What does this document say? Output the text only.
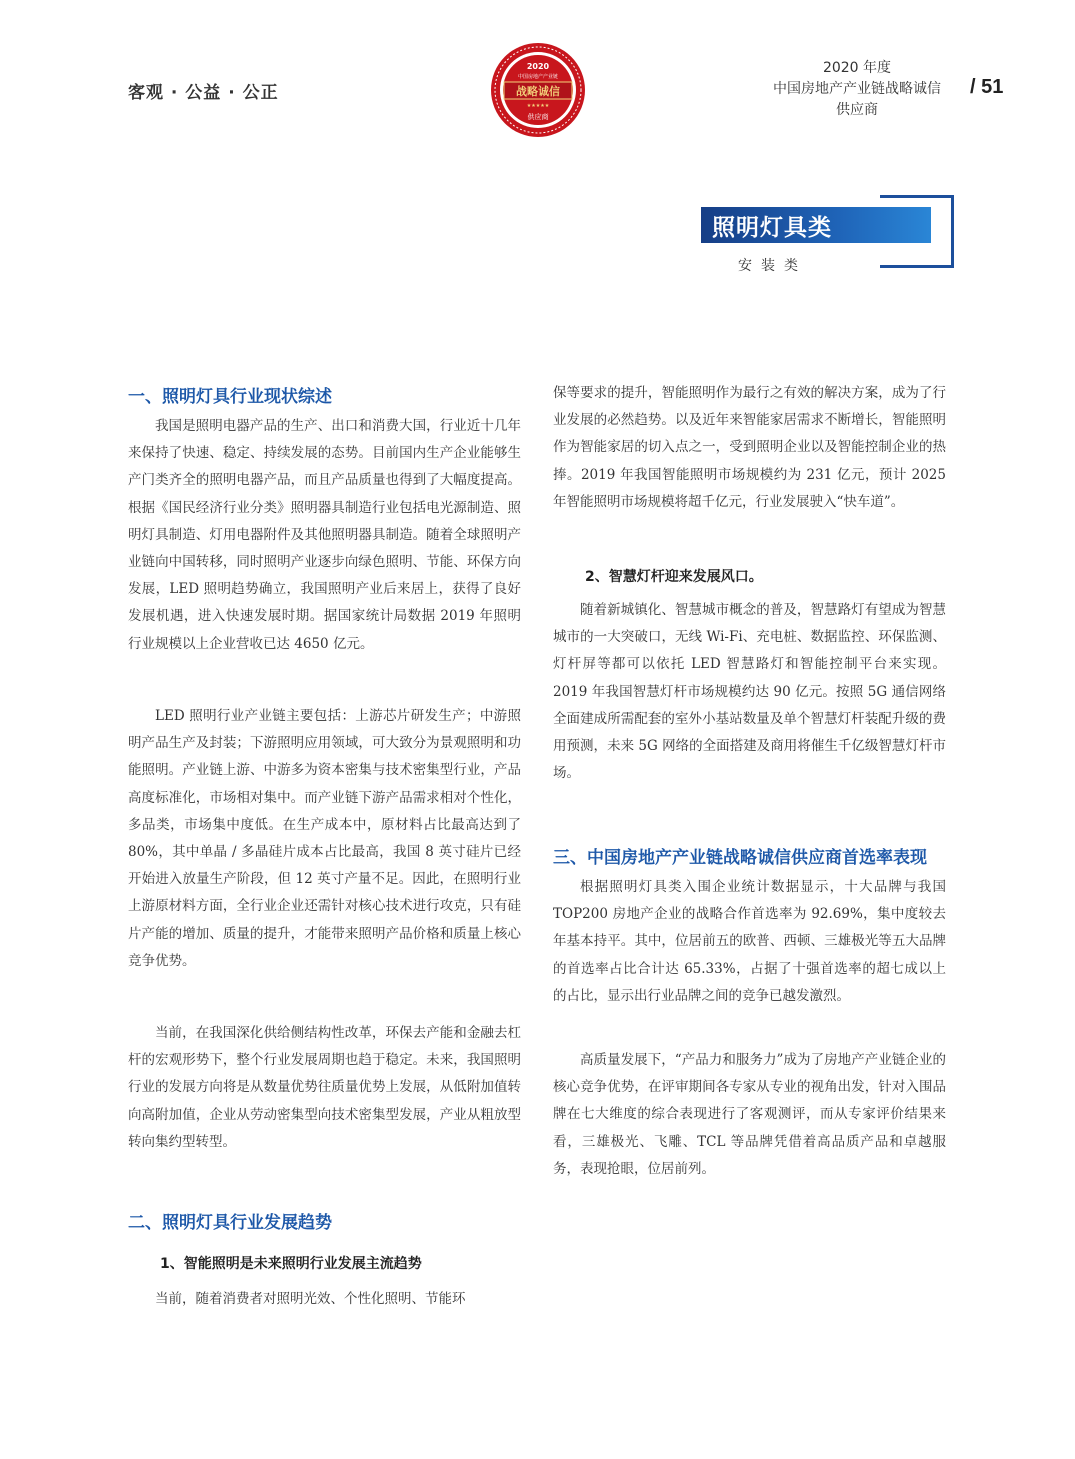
客观 · 公益 · 公正
2020
中国房地产产业链
战略诚信
★★★★★
供应商
2020 年度
中国房地产产业链战略诚信
供应商
/ 51
照明灯具类
安装类
一、照明灯具行业现状综述
我国是照明电器产品的生产、出口和消费大国，行业近十几年来保持了快速、稳定、持续发展的态势。目前国内生产企业能够生产门类齐全的照明电器产品，而且产品质量也得到了大幅度提高。根据《国民经济行业分类》照明器具制造行业包括电光源制造、照明灯具制造、灯用电器附件及其他照明器具制造。随着全球照明产业链向中国转移，同时照明产业逐步向绿色照明、节能、环保方向发展，LED 照明趋势确立，我国照明产业后来居上，获得了良好发展机遇，进入快速发展时期。据国家统计局数据 2019 年照明行业规模以上企业营收已达 4650 亿元。
LED 照明行业产业链主要包括：上游芯片研发生产；中游照明产品生产及封装；下游照明应用领域，可大致分为景观照明和功能照明。产业链上游、中游多为资本密集与技术密集型行业，产品高度标准化，市场相对集中。而产业链下游产品需求相对个性化，多品类，市场集中度低。在生产成本中，原材料占比最高达到了 80%，其中单晶 / 多晶硅片成本占比最高，我国 8 英寸硅片已经开始进入放量生产阶段，但 12 英寸产量不足。因此，在照明行业上游原材料方面，全行业企业还需针对核心技术进行攻克，只有硅片产能的增加、质量的提升，才能带来照明产品价格和质量上核心竞争优势。
当前，在我国深化供给侧结构性改革，环保去产能和金融去杠杆的宏观形势下，整个行业发展周期也趋于稳定。未来，我国照明行业的发展方向将是从数量优势往质量优势上发展，从低附加值转向高附加值，企业从劳动密集型向技术密集型发展，产业从粗放型转向集约型转型。
二、照明灯具行业发展趋势
1、智能照明是未来照明行业发展主流趋势
当前，随着消费者对照明光效、个性化照明、节能环
保等要求的提升，智能照明作为最行之有效的解决方案，成为了行业发展的必然趋势。以及近年来智能家居需求不断增长，智能照明作为智能家居的切入点之一，受到照明企业以及智能控制企业的热捧。2019 年我国智能照明市场规模约为 231 亿元，预计 2025 年智能照明市场规模将超千亿元，行业发展驶入“快车道”。
2、智慧灯杆迎来发展风口。
随着新城镇化、智慧城市概念的普及，智慧路灯有望成为智慧城市的一大突破口，无线 Wi-Fi、充电桩、数据监控、环保监测、灯杆屏等都可以依托 LED 智慧路灯和智能控制平台来实现。2019 年我国智慧灯杆市场规模约达 90 亿元。按照 5G 通信网络全面建成所需配套的室外小基站数量及单个智慧灯杆装配升级的费用预测，未来 5G 网络的全面搭建及商用将催生千亿级智慧灯杆市场。
三、中国房地产产业链战略诚信供应商首选率表现
根据照明灯具类入围企业统计数据显示，十大品牌与我国 TOP200 房地产企业的战略合作首选率为 92.69%，集中度较去年基本持平。其中，位居前五的欧普、西顿、三雄极光等五大品牌的首选率占比合计达 65.33%，占据了十强首选率的超七成以上的占比，显示出行业品牌之间的竞争已越发激烈。
高质量发展下，“产品力和服务力”成为了房地产产业链企业的核心竞争优势，在评审期间各专家从专业的视角出发，针对入围品牌在七大维度的综合表现进行了客观测评，而从专家评价结果来看，三雄极光、飞雕、TCL 等品牌凭借着高品质产品和卓越服务，表现抢眼，位居前列。
